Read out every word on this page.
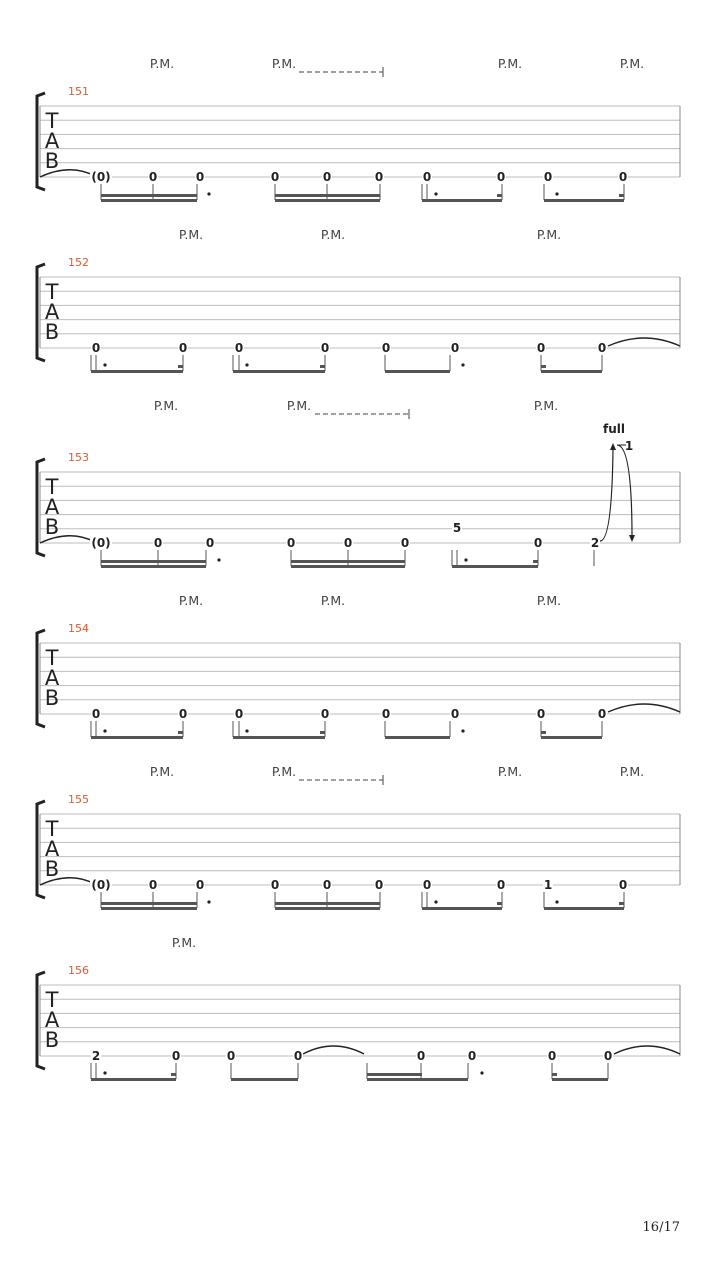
P.M.	P.M.	P.M.	P.M.
151
T
A
B
(0)	0	0	0	0	0	0	0	0	0
P.M.	P.M.	P.M.
152
T
A
B
0	0	0	0	0	0	0	0
P.M.	P.M.	P.M.
153
T
A
B
(0)	0	0	0	0	0
5
0	2
full
1
P.M.	P.M.	P.M.
154
T
A
B
0	0	0	0	0	0	0	0
P.M.	P.M.	P.M.	P.M.
155
T
A
B
(0)	0	0	0	0	0	0	0	1	0
P.M.
156
T
A
B
2	0	0	0	0	0	0	0
16/17
